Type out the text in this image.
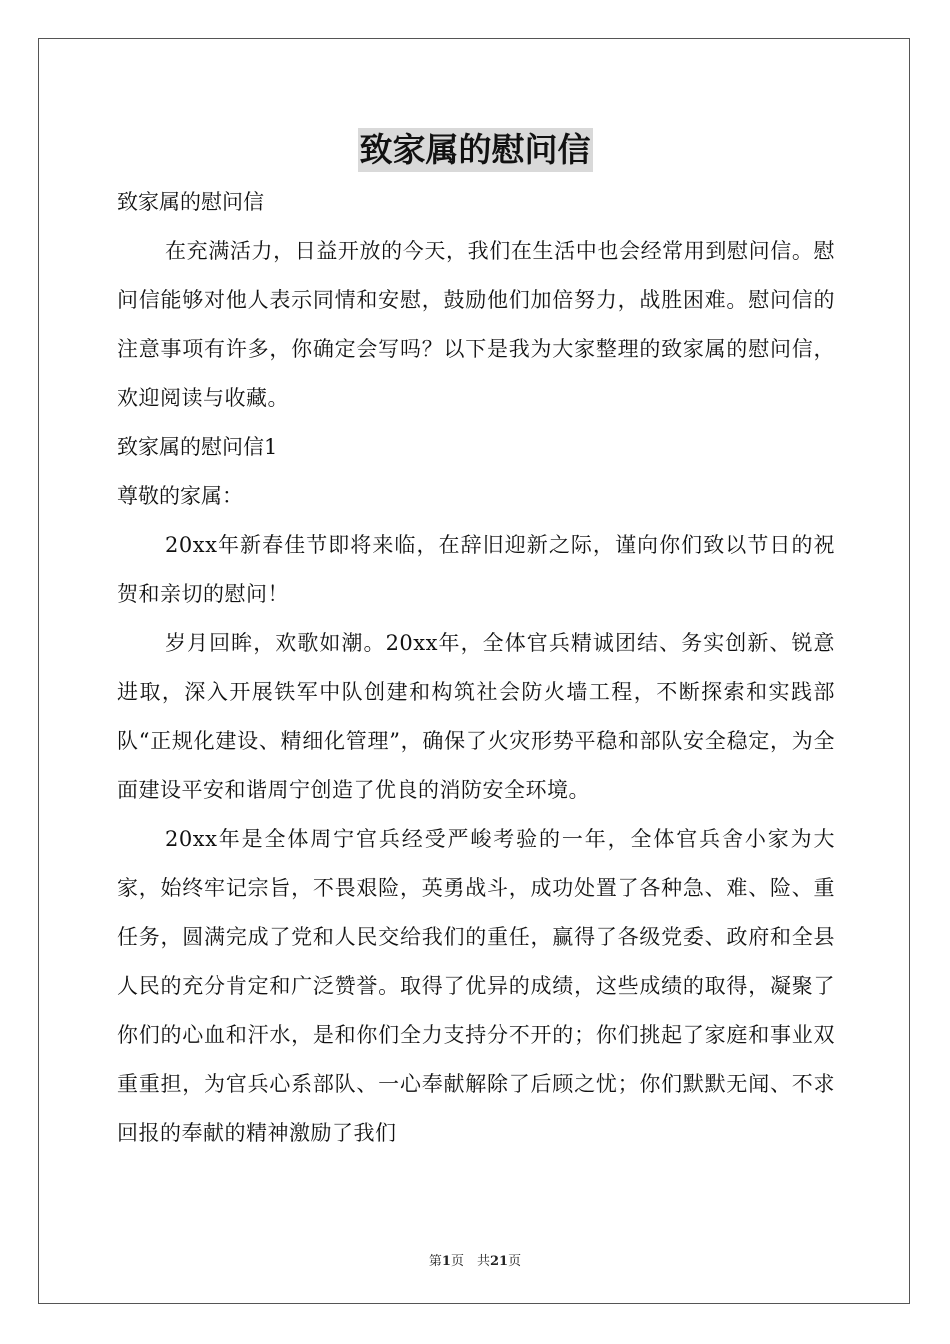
致家属的慰问信

致家属的慰问信

在充满活力，日益开放的今天，我们在生活中也会经常用到慰问信。慰问信能够对他人表示同情和安慰，鼓励他们加倍努力，战胜困难。慰问信的注意事项有许多，你确定会写吗？以下是我为大家整理的致家属的慰问信，欢迎阅读与收藏。

致家属的慰问信1

尊敬的家属：

20xx年新春佳节即将来临，在辞旧迎新之际，谨向你们致以节日的祝贺和亲切的慰问！

岁月回眸，欢歌如潮。20xx年，全体官兵精诚团结、务实创新、锐意进取，深入开展铁军中队创建和构筑社会防火墙工程，不断探索和实践部队“正规化建设、精细化管理”，确保了火灾形势平稳和部队安全稳定，为全面建设平安和谐周宁创造了优良的消防安全环境。

20xx年是全体周宁官兵经受严峻考验的一年，全体官兵舍小家为大家，始终牢记宗旨，不畏艰险，英勇战斗，成功处置了各种急、难、险、重任务，圆满完成了党和人民交给我们的重任，赢得了各级党委、政府和全县人民的充分肯定和广泛赞誉。取得了优异的成绩，这些成绩的取得，凝聚了你们的心血和汗水，是和你们全力支持分不开的；你们挑起了家庭和事业双重重担，为官兵心系部队、一心奉献解除了后顾之忧；你们默默无闻、不求回报的奉献的精神激励了我们

第1页　共21页
